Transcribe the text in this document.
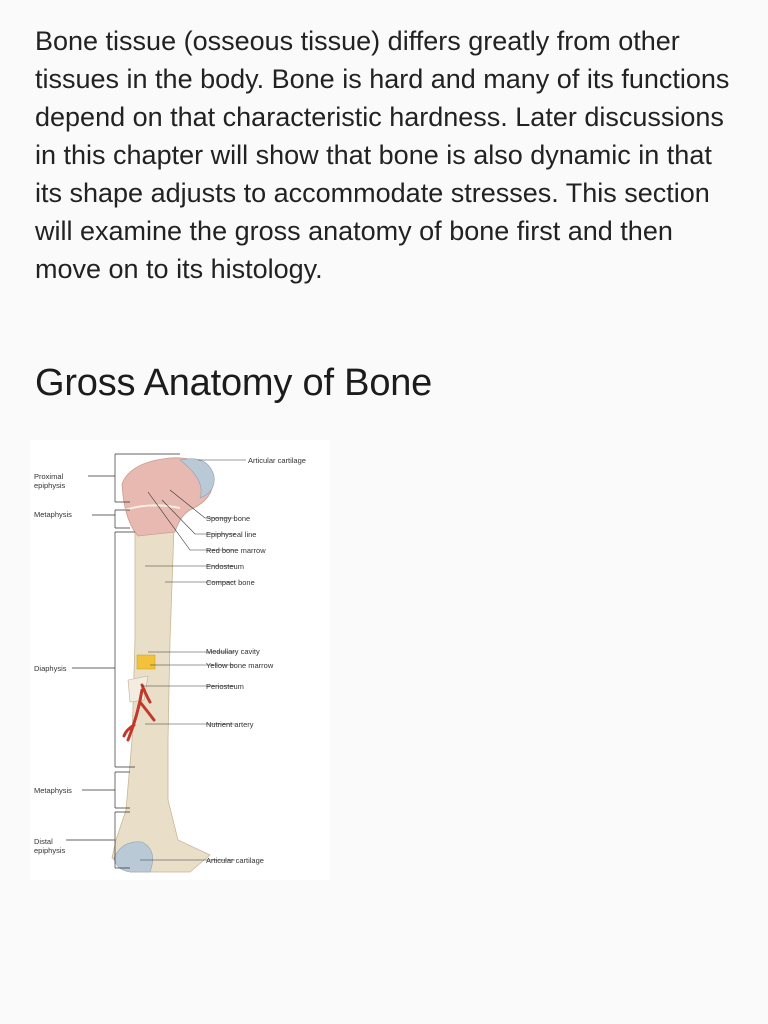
Bone tissue (osseous tissue) differs greatly from other tissues in the body. Bone is hard and many of its functions depend on that characteristic hardness. Later discussions in this chapter will show that bone is also dynamic in that its shape adjusts to accommodate stresses. This section will examine the gross anatomy of bone first and then move on to its histology.

Gross Anatomy of Bone
Proximal
epiphysis
Metaphysis
Diaphysis
Metaphysis
Distal
epiphysis
Articular cartilage
Spongy bone
Epiphyseal line
Red bone marrow
Endosteum
Compact bone
Medullary cavity
Yellow bone marrow
Periosteum
Nutrient artery
Articular cartilage
